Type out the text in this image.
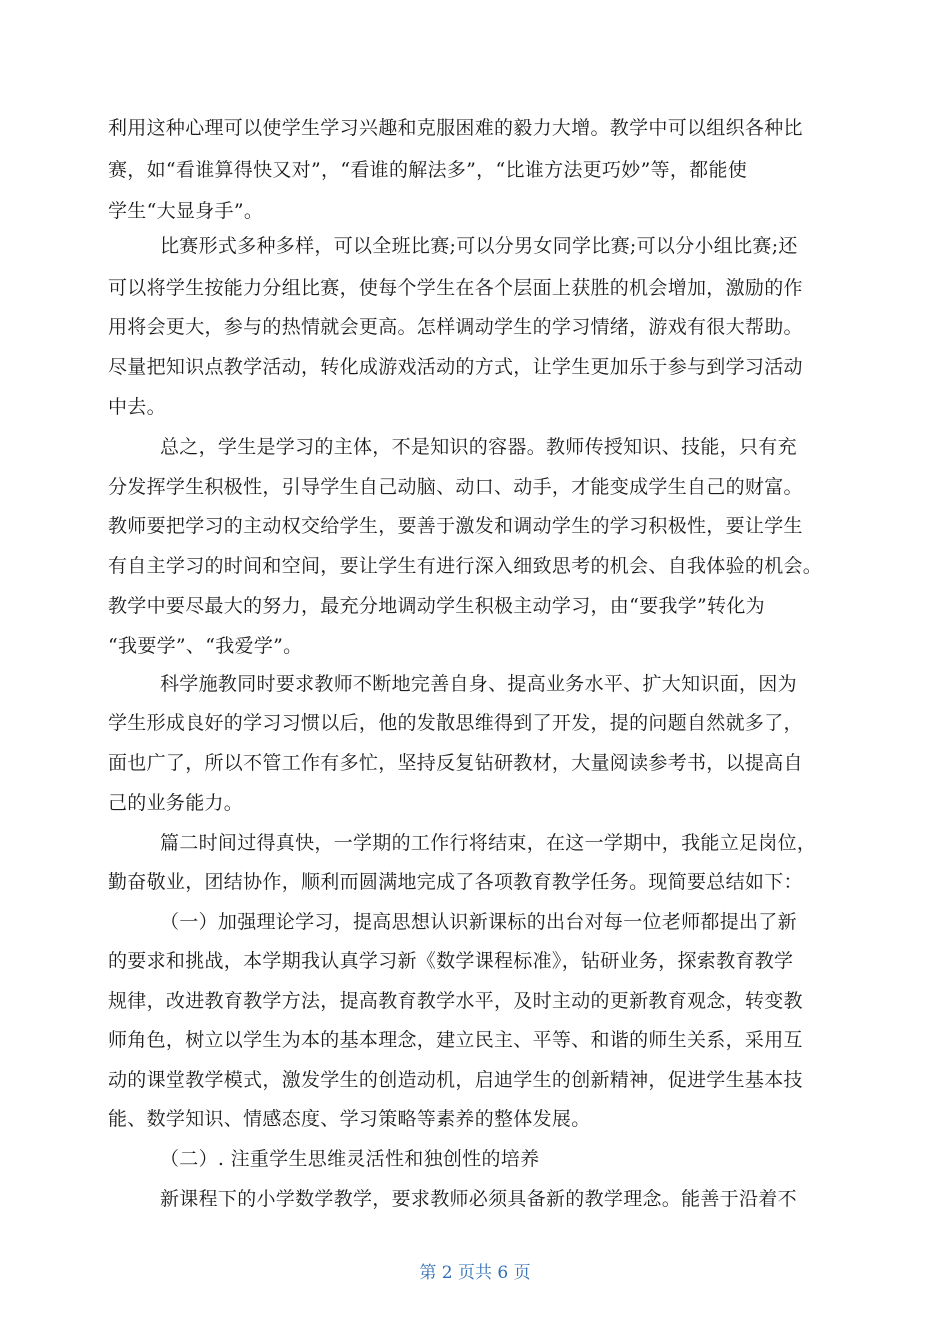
利用这种心理可以使学生学习兴趣和克服困难的毅力大增。教学中可以组织各种比
赛，如“看谁算得快又对”，“看谁的解法多”，“比谁方法更巧妙”等，都能使
学生“大显身手”。
比赛形式多种多样，可以全班比赛;可以分男女同学比赛;可以分小组比赛;还
可以将学生按能力分组比赛，使每个学生在各个层面上获胜的机会增加，激励的作
用将会更大，参与的热情就会更高。怎样调动学生的学习情绪，游戏有很大帮助。
尽量把知识点教学活动，转化成游戏活动的方式，让学生更加乐于参与到学习活动
中去。
总之，学生是学习的主体，不是知识的容器。教师传授知识、技能，只有充
分发挥学生积极性，引导学生自己动脑、动口、动手，才能变成学生自己的财富。
教师要把学习的主动权交给学生，要善于激发和调动学生的学习积极性，要让学生
有自主学习的时间和空间，要让学生有进行深入细致思考的机会、自我体验的机会。
教学中要尽最大的努力，最充分地调动学生积极主动学习，由“要我学”转化为
“我要学”、“我爱学”。
科学施教同时要求教师不断地完善自身、提高业务水平、扩大知识面，因为
学生形成良好的学习习惯以后，他的发散思维得到了开发，提的问题自然就多了，
面也广了，所以不管工作有多忙，坚持反复钻研教材，大量阅读参考书，以提高自
己的业务能力。
篇二时间过得真快，一学期的工作行将结束，在这一学期中，我能立足岗位，
勤奋敬业，团结协作，顺利而圆满地完成了各项教育教学任务。现简要总结如下：
（一）加强理论学习，提高思想认识新课标的出台对每一位老师都提出了新
的要求和挑战，本学期我认真学习新《数学课程标准》，钻研业务，探索教育教学
规律，改进教育教学方法，提高教育教学水平，及时主动的更新教育观念，转变教
师角色，树立以学生为本的基本理念，建立民主、平等、和谐的师生关系，采用互
动的课堂教学模式，激发学生的创造动机，启迪学生的创新精神，促进学生基本技
能、数学知识、情感态度、学习策略等素养的整体发展。
（二）. 注重学生思维灵活性和独创性的培养
新课程下的小学数学教学，要求教师必须具备新的教学理念。能善于沿着不
第 2 页共 6 页
